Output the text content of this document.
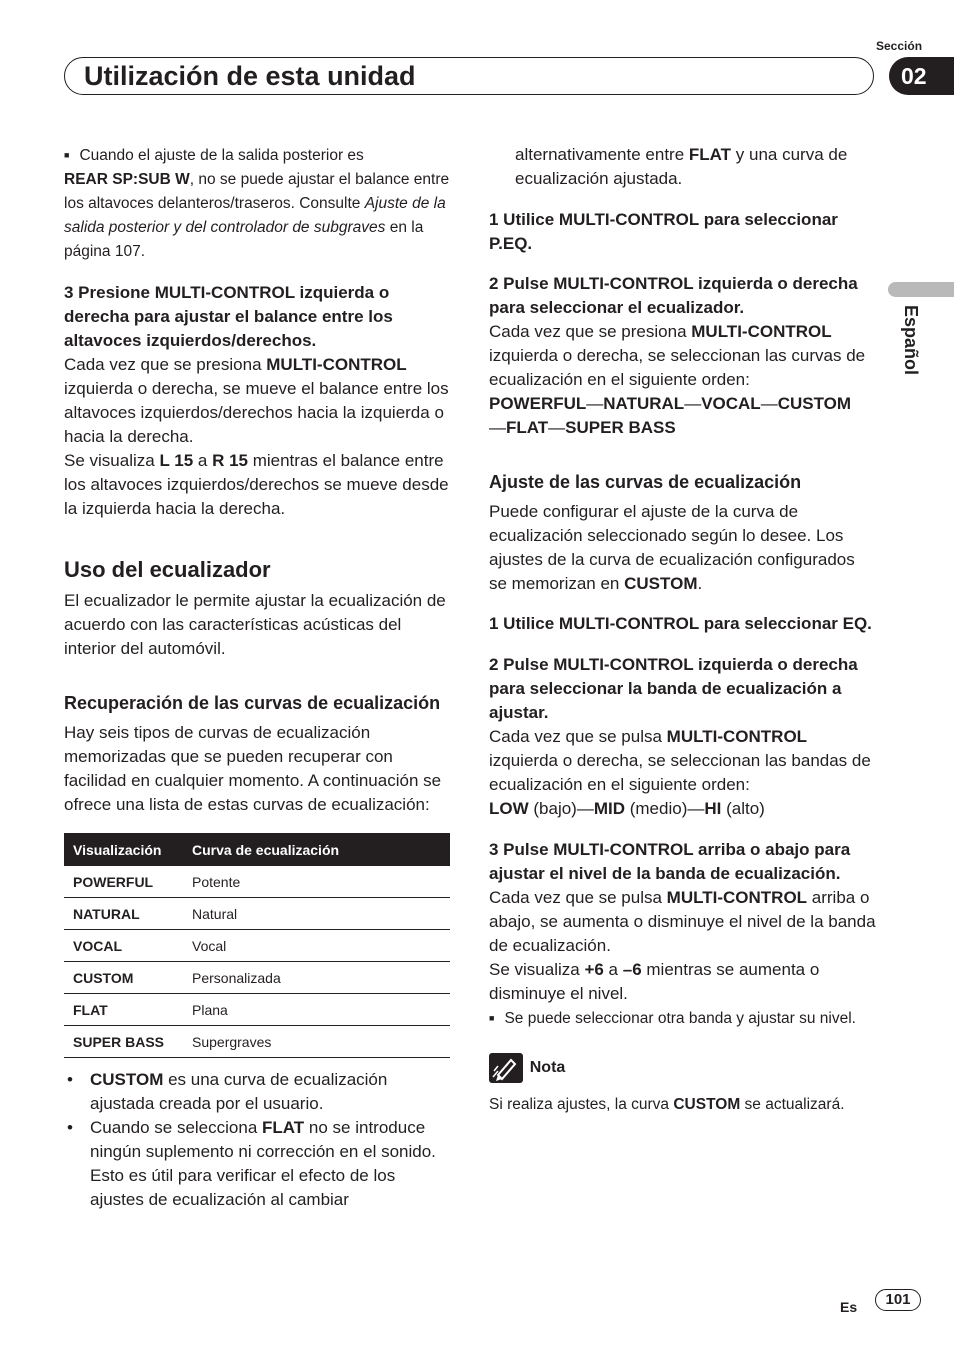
Utilización de esta unidad
Sección
02
Español

■ Cuando el ajuste de la salida posterior es
REAR SP:SUB W, no se puede ajustar el balance entre los altavoces delanteros/traseros. Consulte Ajuste de la salida posterior y del controlador de subgraves en la página 107.

3 Presione MULTI-CONTROL izquierda o derecha para ajustar el balance entre los altavoces izquierdos/derechos.

Cada vez que se presiona MULTI-CONTROL izquierda o derecha, se mueve el balance entre los altavoces izquierdos/derechos hacia la izquierda o hacia la derecha.

Se visualiza L 15 a R 15 mientras el balance entre los altavoces izquierdos/derechos se mueve desde la izquierda hacia la derecha.

Uso del ecualizador

El ecualizador le permite ajustar la ecualización de acuerdo con las características acústicas del interior del automóvil.

Recuperación de las curvas de ecualización

Hay seis tipos de curvas de ecualización memorizadas que se pueden recuperar con facilidad en cualquier momento. A continuación se ofrece una lista de estas curvas de ecualización:

Visualización	Curva de ecualización
POWERFUL	Potente
NATURAL	Natural
VOCAL	Vocal
CUSTOM	Personalizada
FLAT	Plana
SUPER BASS	Supergraves
• CUSTOM es una curva de ecualización ajustada creada por el usuario.
• Cuando se selecciona FLAT no se introduce ningún suplemento ni corrección en el sonido. Esto es útil para verificar el efecto de los ajustes de ecualización al cambiar

alternativamente entre FLAT y una curva de ecualización ajustada.

1 Utilice MULTI-CONTROL para seleccionar P.EQ.

2 Pulse MULTI-CONTROL izquierda o derecha para seleccionar el ecualizador.

Cada vez que se presiona MULTI-CONTROL izquierda o derecha, se seleccionan las curvas de ecualización en el siguiente orden:

POWERFUL—NATURAL—VOCAL—CUSTOM
—FLAT—SUPER BASS

Ajuste de las curvas de ecualización

Puede configurar el ajuste de la curva de ecualización seleccionado según lo desee. Los ajustes de la curva de ecualización configurados se memorizan en CUSTOM.

1 Utilice MULTI-CONTROL para seleccionar EQ.

2 Pulse MULTI-CONTROL izquierda o derecha para seleccionar la banda de ecualización a ajustar.

Cada vez que se pulsa MULTI-CONTROL izquierda o derecha, se seleccionan las bandas de ecualización en el siguiente orden:

LOW (bajo)—MID (medio)—HI (alto)

3 Pulse MULTI-CONTROL arriba o abajo para ajustar el nivel de la banda de ecualización.

Cada vez que se pulsa MULTI-CONTROL arriba o abajo, se aumenta o disminuye el nivel de la banda de ecualización.

Se visualiza +6 a –6 mientras se aumenta o disminuye el nivel.

■ Se puede seleccionar otra banda y ajustar su nivel.

Nota

Si realiza ajustes, la curva CUSTOM se actualizará.

Es	101
